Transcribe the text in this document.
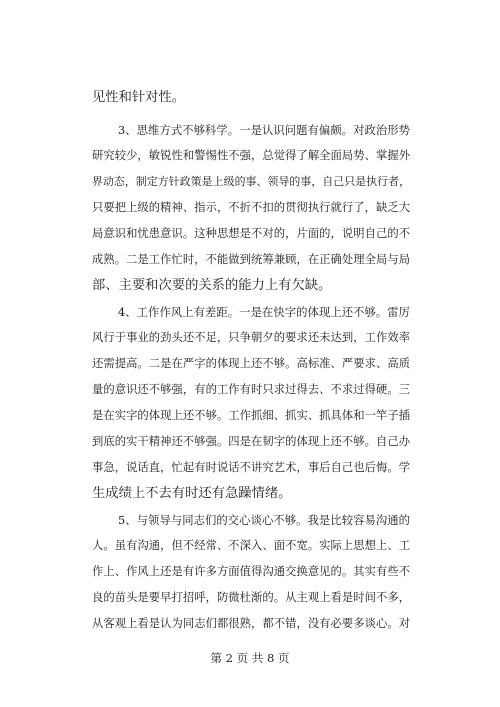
见性和针对性。
3、思维方式不够科学。一是认识问题有偏颇。对政治形势
研究较少，敏锐性和警惕性不强，总觉得了解全面局势、掌握外
界动态，制定方针政策是上级的事、领导的事，自己只是执行者，
只要把上级的精神、指示，不折不扣的贯彻执行就行了，缺乏大
局意识和忧患意识。这种思想是不对的，片面的，说明自己的不
成熟。二是工作忙时，不能做到统筹兼顾，在正确处理全局与局
部、主要和次要的关系的能力上有欠缺。
4、工作作风上有差距。一是在快字的体现上还不够。雷厉
风行于事业的劲头还不足，只争朝夕的要求还未达到，工作效率
还需提高。二是在严字的体现上还不够。高标准、严要求、高质
量的意识还不够强，有的工作有时只求过得去、不求过得硬。三
是在实字的体现上还不够。工作抓细、抓实、抓具体和一竿子插
到底的实干精神还不够强。四是在韧字的体现上还不够。自己办
事急，说话直，忙起有时说话不讲究艺术，事后自己也后悔。学
生成绩上不去有时还有急躁情绪。
5、与领导与同志们的交心谈心不够。我是比较容易沟通的
人。虽有沟通，但不经常、不深入、面不宽。实际上思想上、工
作上、作风上还是有许多方面值得沟通交换意见的。其实有些不
良的苗头是要早打招呼，防微杜渐的。从主观上看是时间不多，
从客观上看是认为同志们都很熟，都不错，没有必要多谈心。对
第 2 页 共 8 页
